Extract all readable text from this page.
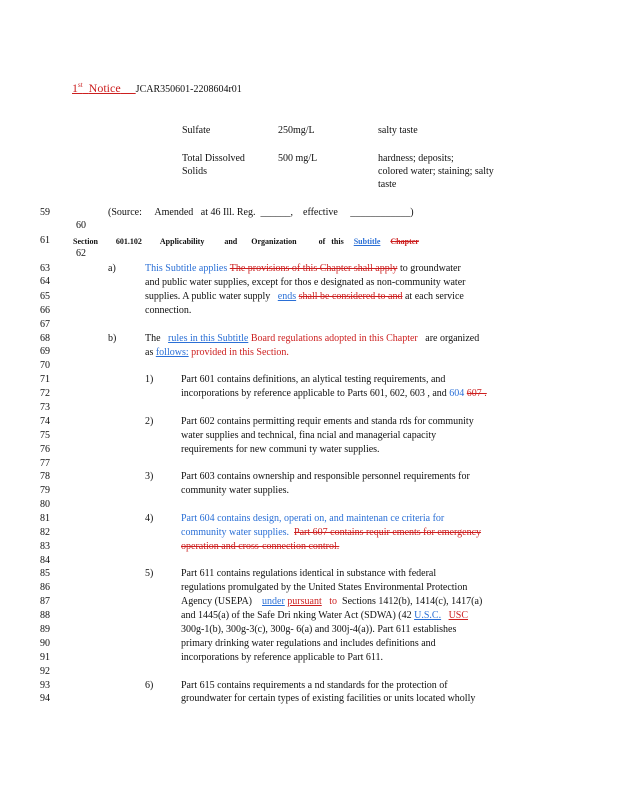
1st Notice JCAR350601-2208604r01
Sulfate	250mg/L	salty taste
Total Dissolved
Solids
500 mg/L	hardness; deposits;
colored water; staining; salty
taste
59
60
61
62
63
64
65
66
67
68
69
70
71
72
73
74
75
76
77
78
79
80
81
82
83
84
85
86
87
88
89
90
91
92
93
94
(Source: Amended at 46 Ill. Reg. ______, effective ____________)
Section 601.102 Applicability	and Organization	of this Subtitle Chapter
a)	This Subtitle applies The provisions of this Chapter shall apply to groundwater
and public water supplies, except for thos e designated as non-community water
supplies. A public water supply ends shall be considered to and at each service
connection.
b)	The rules in this Subtitle Board regulations adopted in this Chapter are organized
as follows: provided in this Section.
1)	Part 601 contains definitions, an alytical testing requirements, and
incorporations by reference applicable to Parts 601, 602, 603 , and 604 607 .
2)	Part 602 contains permitting requir ements and standa rds for community
water supplies and technical, fina ncial and managerial capacity
requirements for new communi ty water supplies.
3)	Part 603 contains ownership and responsible personnel requirements for
community water supplies.
4)	Part 604 contains design, operati on, and maintenan ce criteria for
community water supplies. Part 607 contains requir ements for emergency
operation and cross-connection control.
5)	Part 611 contains regulations identical in substance with federal
regulations promulgated by the United States Environmental Protection
Agency (USEPA) under pursuant to Sections 1412(b), 1414(c), 1417(a)
and 1445(a) of the Safe Dri nking Water Act (SDWA) (42 U.S.C. USC
300g-1(b), 300g-3(c), 300g- 6(a) and 300j-4(a)). Part 611 establishes
primary drinking water regulations and includes definitions and
incorporations by reference applicable to Part 611.
6)	Part 615 contains requirements a nd standards for the protection of
groundwater for certain types of existing facilities or units located wholly
